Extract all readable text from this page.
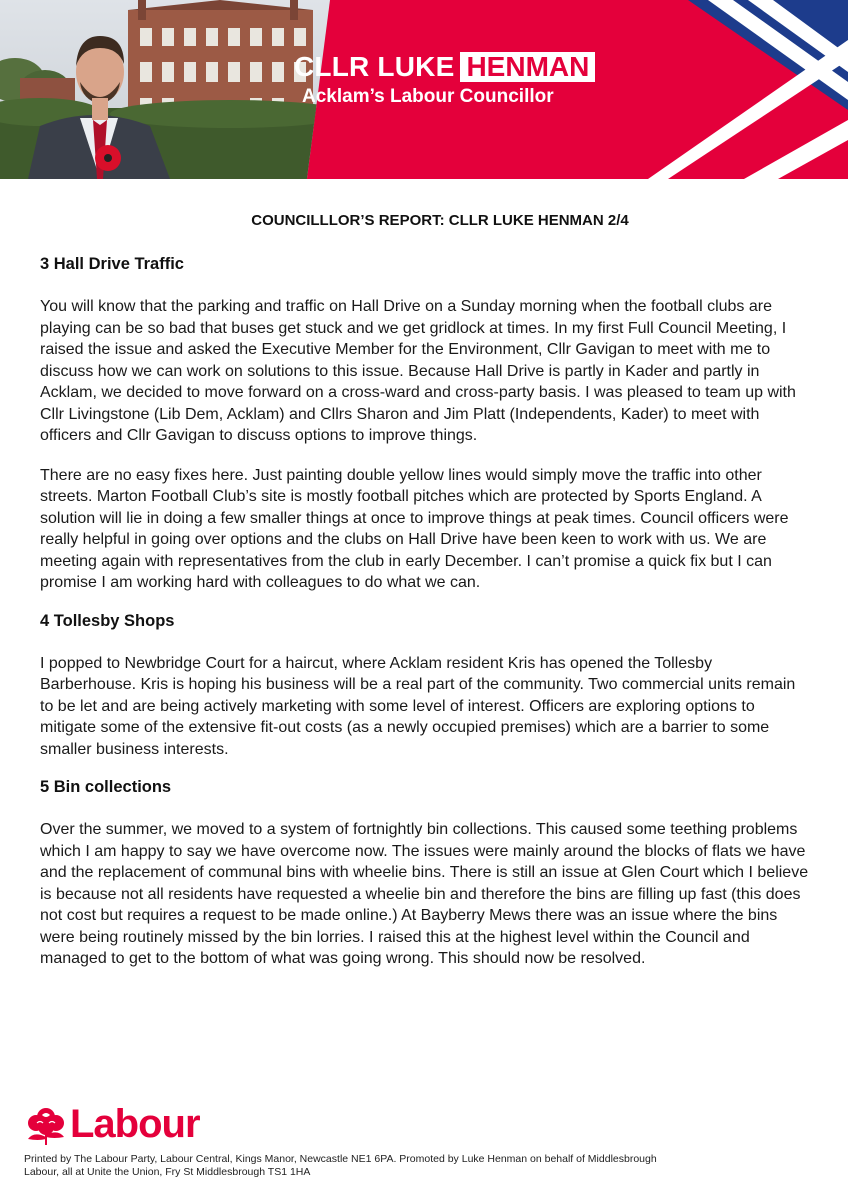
CLLR LUKE HENMAN
Acklam’s Labour Councillor
COUNCILLLOR’S REPORT: CLLR LUKE HENMAN 2/4
3 Hall Drive Traffic

You will know that the parking and traffic on Hall Drive on a Sunday morning when the football clubs are playing can be so bad that buses get stuck and we get gridlock at times. In my first Full Council Meeting, I raised the issue and asked the Executive Member for the Environment, Cllr Gavigan to meet with me to discuss how we can work on solutions to this issue. Because Hall Drive is partly in Kader and partly in Acklam, we decided to move forward on a cross-ward and cross-party basis. I was pleased to team up with Cllr Livingstone (Lib Dem, Acklam) and Cllrs Sharon and Jim Platt (Independents, Kader) to meet with officers and Cllr Gavigan to discuss options to improve things.

There are no easy fixes here. Just painting double yellow lines would simply move the traffic into other streets. Marton Football Club’s site is mostly football pitches which are protected by Sports England. A solution will lie in doing a few smaller things at once to improve things at peak times. Council officers were really helpful in going over options and the clubs on Hall Drive have been keen to work with us. We are meeting again with representatives from the club in early December. I can’t promise a quick fix but I can promise I am working hard with colleagues to do what we can.

4 Tollesby Shops

I popped to Newbridge Court for a haircut, where Acklam resident Kris has opened the Tollesby Barberhouse. Kris is hoping his business will be a real part of the community. Two commercial units remain to be let and are being actively marketing with some level of interest. Officers are exploring options to mitigate some of the extensive fit-out costs (as a newly occupied premises) which are a barrier to some smaller business interests.

5 Bin collections

Over the summer, we moved to a system of fortnightly bin collections. This caused some teething problems which I am happy to say we have overcome now. The issues were mainly around the blocks of flats we have and the replacement of communal bins with wheelie bins. There is still an issue at Glen Court which I believe is because not all residents have requested a wheelie bin and therefore the bins are filling up fast (this does not cost but requires a request to be made online.) At Bayberry Mews there was an issue where the bins were being routinely missed by the bin lorries. I raised this at the highest level within the Council and managed to get to the bottom of what was going wrong. This should now be resolved.

Labour
Printed by The Labour Party, Labour Central, Kings Manor, Newcastle NE1 6PA. Promoted by Luke Henman on behalf of Middlesbrough Labour, all at Unite the Union, Fry St Middlesbrough TS1 1HA
